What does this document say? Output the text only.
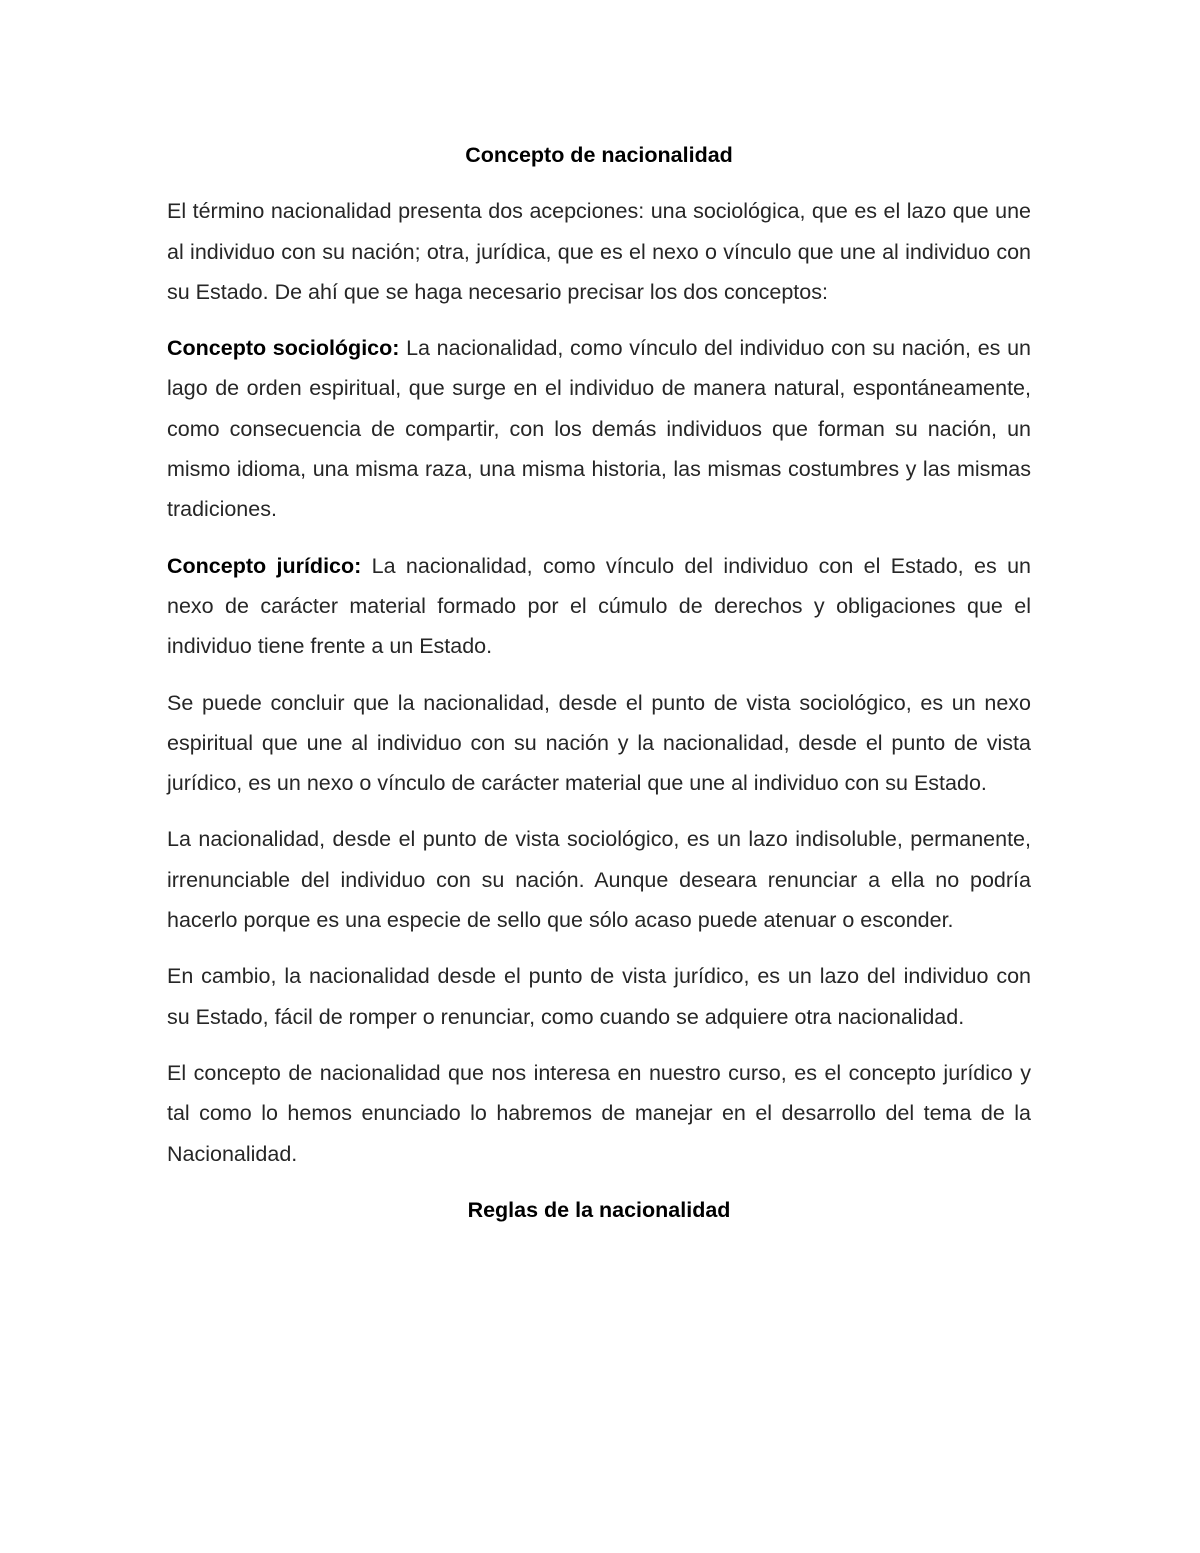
Concepto de nacionalidad

El término nacionalidad presenta dos acepciones: una sociológica, que es el lazo que une al individuo con su nación; otra, jurídica, que es el nexo o vínculo que une al individuo con su Estado. De ahí que se haga necesario precisar los dos conceptos:

Concepto sociológico: La nacionalidad, como vínculo del individuo con su nación, es un lago de orden espiritual, que surge en el individuo de manera natural, espontáneamente, como consecuencia de compartir, con los demás individuos que forman su nación, un mismo idioma, una misma raza, una misma historia, las mismas costumbres y las mismas tradiciones.

Concepto jurídico: La nacionalidad, como vínculo del individuo con el Estado, es un nexo de carácter material formado por el cúmulo de derechos y obligaciones que el individuo tiene frente a un Estado.

Se puede concluir que la nacionalidad, desde el punto de vista sociológico, es un nexo espiritual que une al individuo con su nación y la nacionalidad, desde el punto de vista jurídico, es un nexo o vínculo de carácter material que une al individuo con su Estado.

La nacionalidad, desde el punto de vista sociológico, es un lazo indisoluble, permanente, irrenunciable del individuo con su nación. Aunque deseara renunciar a ella no podría hacerlo porque es una especie de sello que sólo acaso puede atenuar o esconder.

En cambio, la nacionalidad desde el punto de vista jurídico, es un lazo del individuo con su Estado, fácil de romper o renunciar, como cuando se adquiere otra nacionalidad.

El concepto de nacionalidad que nos interesa en nuestro curso, es el concepto jurídico y tal como lo hemos enunciado lo habremos de manejar en el desarrollo del tema de la Nacionalidad.

Reglas de la nacionalidad
